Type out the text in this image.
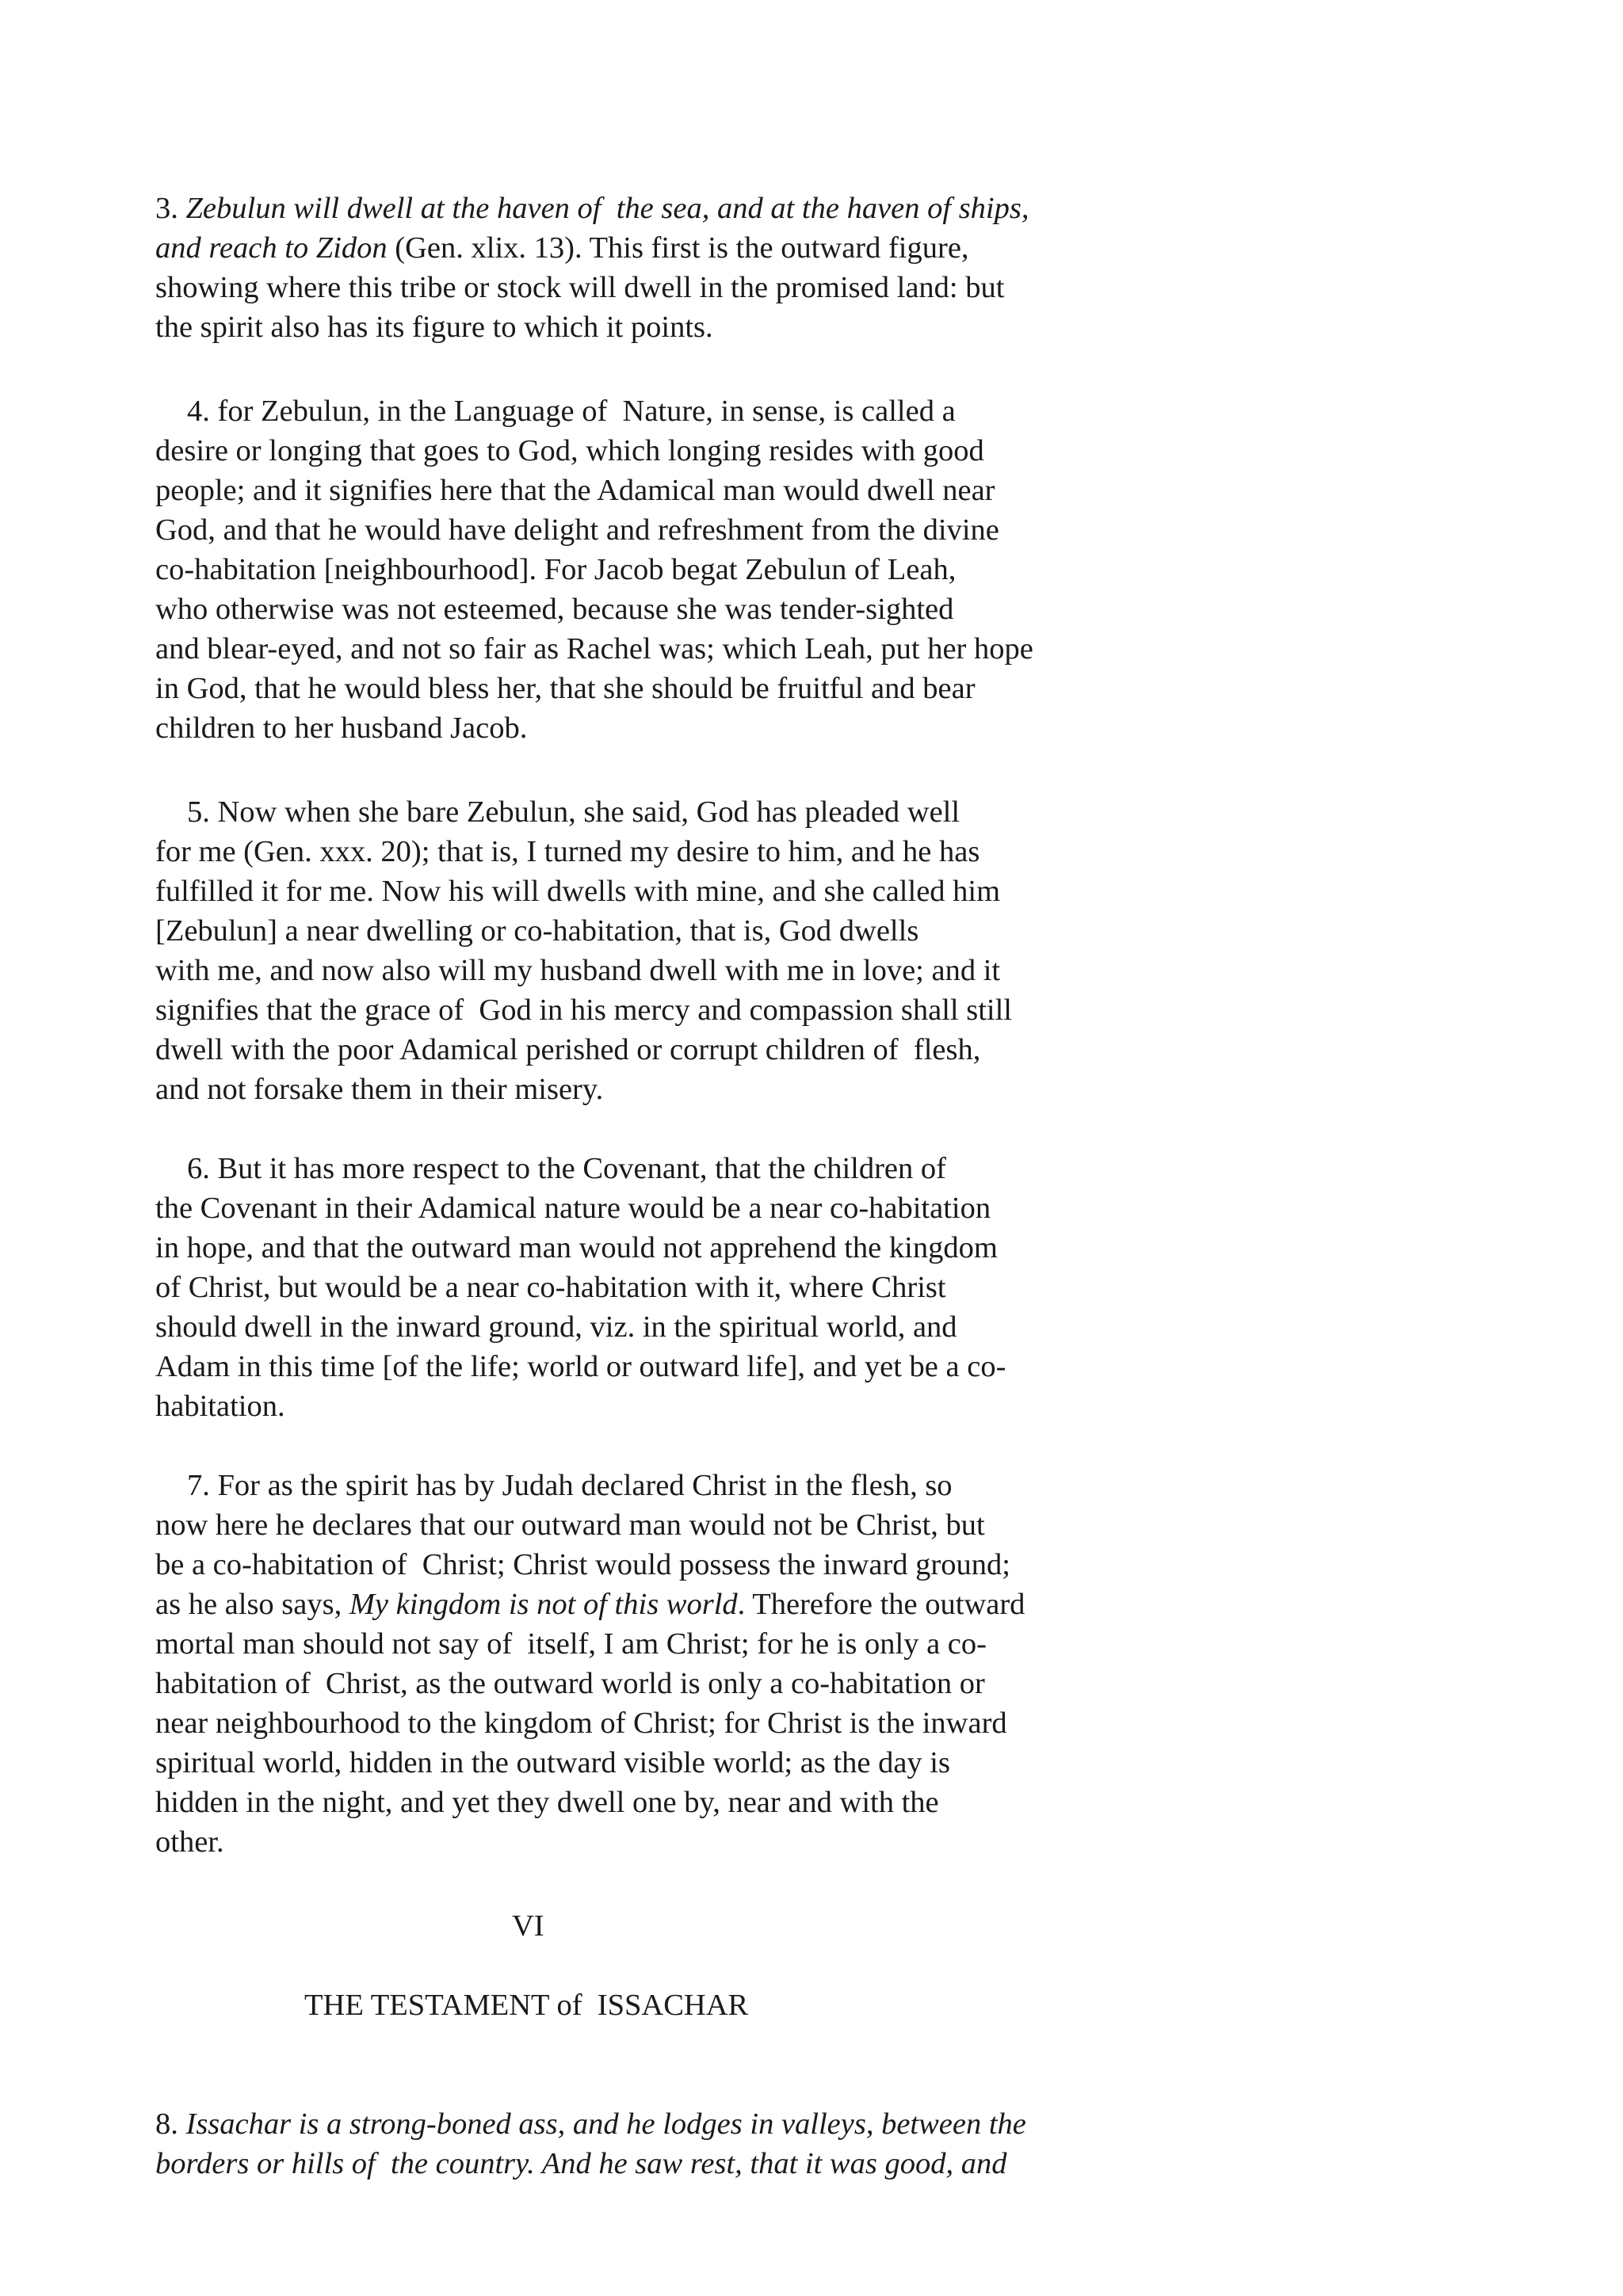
3. Zebulun will dwell at the haven of  the sea, and at the haven of ships,
and reach to Zidon (Gen. xlix. 13). This first is the outward figure,
showing where this tribe or stock will dwell in the promised land: but
the spirit also has its figure to which it points.
4. for Zebulun, in the Language of  Nature, in sense, is called a
desire or longing that goes to God, which longing resides with good
people; and it signifies here that the Adamical man would dwell near
God, and that he would have delight and refreshment from the divine
co-habitation [neighbourhood]. For Jacob begat Zebulun of Leah,
who otherwise was not esteemed, because she was tender-sighted
and blear-eyed, and not so fair as Rachel was; which Leah, put her hope
in God, that he would bless her, that she should be fruitful and bear
children to her husband Jacob.
5. Now when she bare Zebulun, she said, God has pleaded well
for me (Gen. xxx. 20); that is, I turned my desire to him, and he has
fulfilled it for me. Now his will dwells with mine, and she called him
[Zebulun] a near dwelling or co-habitation, that is, God dwells
with me, and now also will my husband dwell with me in love; and it
signifies that the grace of  God in his mercy and compassion shall still
dwell with the poor Adamical perished or corrupt children of  flesh,
and not forsake them in their misery.
6. But it has more respect to the Covenant, that the children of
the Covenant in their Adamical nature would be a near co-habitation
in hope, and that the outward man would not apprehend the kingdom
of Christ, but would be a near co-habitation with it, where Christ
should dwell in the inward ground, viz. in the spiritual world, and
Adam in this time [of the life; world or outward life], and yet be a co-
habitation.
7. For as the spirit has by Judah declared Christ in the flesh, so
now here he declares that our outward man would not be Christ, but
be a co-habitation of  Christ; Christ would possess the inward ground;
as he also says, My kingdom is not of this world. Therefore the outward
mortal man should not say of  itself, I am Christ; for he is only a co-
habitation of  Christ, as the outward world is only a co-habitation or
near neighbourhood to the kingdom of Christ; for Christ is the inward
spiritual world, hidden in the outward visible world; as the day is
hidden in the night, and yet they dwell one by, near and with the
other.
VI
THE TESTAMENT of  ISSACHAR
8. Issachar is a strong-boned ass, and he lodges in valleys, between the
borders or hills of  the country. And he saw rest, that it was good, and
